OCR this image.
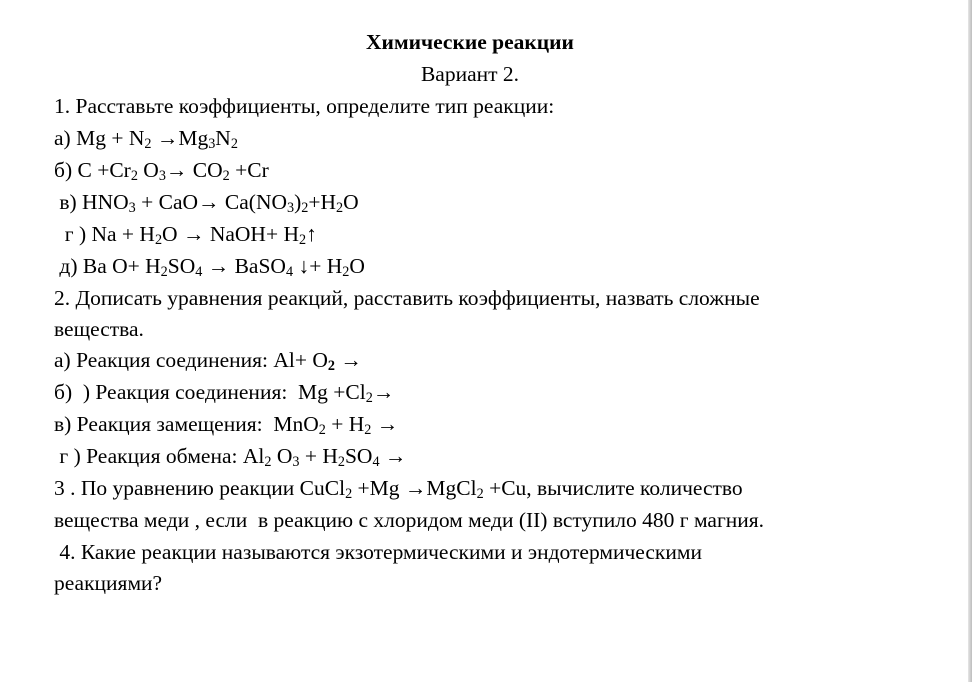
Химические реакции
Вариант 2.
1. Расставьте коэффициенты, определите тип реакции:
а) $Mg + N_2 \to Mg_3N_2$
б) $C +Cr_2$ $O_3\to CO_2 +Cr$
в) $HNO_3 + CaO\to Ca(NO_3)_2+H_2O$
г ) $Na + H_2O$ → NaOH+ $H_2↑$
д) Ba $O+ H_2SO_4$ → BaSO$_4$ ↓+ $H_2O$
2. Дописать уравнения реакций, расставить коэффициенты, назвать сложные
вещества.
а) Реакция соединения: $Al+ O_2$ →
б)  ) Реакция соединения:  $Mg +Cl_2\to$
в) Реакция замещения:  $MnO_2 + H_2$ →
г ) Реакция обмена: $Al_2$ $O_3 + H_2SO_4$ →
3 . По уравнению реакции CuCl$_2$ +Mg →MgCl$_2$ +Cu, вычислите количество
вещества меди , если  в реакцию с хлоридом меди (II) вступило 480 г магния.
4. Какие реакции называются экзотермическими и эндотермическими
реакциями?
